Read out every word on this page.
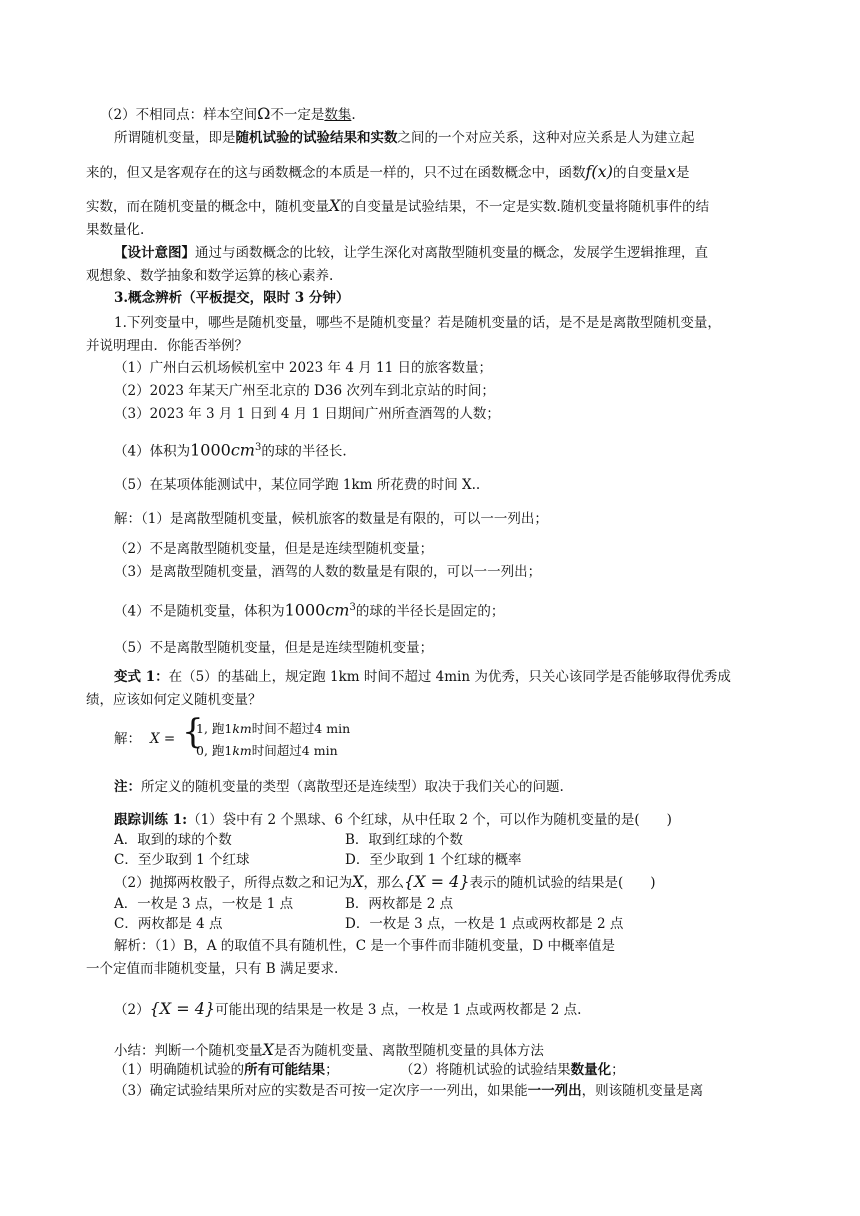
（2）不相同点：样本空间Ω不一定是数集.
所谓随机变量，即是随机试验的试验结果和实数之间的一个对应关系，这种对应关系是人为建立起
来的，但又是客观存在的这与函数概念的本质是一样的，只不过在函数概念中，函数f(x)的自变量x是
实数，而在随机变量的概念中，随机变量X的自变量是试验结果，不一定是实数.随机变量将随机事件的结
果数量化.
【设计意图】通过与函数概念的比较，让学生深化对离散型随机变量的概念，发展学生逻辑推理，直
观想象、数学抽象和数学运算的核心素养.
3.概念辨析（平板提交，限时 3 分钟）
1.下列变量中，哪些是随机变量，哪些不是随机变量？若是随机变量的话，是不是是离散型随机变量，
并说明理由．你能否举例？
（1）广州白云机场候机室中 2023 年 4 月 11 日的旅客数量；
（2）2023 年某天广州至北京的 D36 次列车到北京站的时间；
（3）2023 年 3 月 1 日到 4 月 1 日期间广州所查酒驾的人数；
（4）体积为$1000cm^3$的球的半径长.
（5）在某项体能测试中，某位同学跑 1km 所花费的时间 X..
解：（1）是离散型随机变量，候机旅客的数量是有限的，可以一一列出；
（2）不是离散型随机变量，但是是连续型随机变量；
（3）是离散型随机变量，酒驾的人数的数量是有限的，可以一一列出；
（4）不是随机变量，体积为$1000cm^3$的球的半径长是固定的；
（5）不是离散型随机变量，但是是连续型随机变量；
变式 1：在（5）的基础上，规定跑 1km 时间不超过 4min 为优秀，只关心该同学是否能够取得优秀成
绩，应该如何定义随机变量？
解： X = {
1, 跑1km时间不超过4 min
0, 跑1km时间超过4 min
注：所定义的随机变量的类型（离散型还是连续型）取决于我们关心的问题.
跟踪训练 1:（1）袋中有 2 个黑球、6 个红球，从中任取 2 个，可以作为随机变量的是(　　)
A．取到的球的个数	B．取到红球的个数
C．至少取到 1 个红球	D．至少取到 1 个红球的概率
（2）抛掷两枚骰子，所得点数之和记为X，那么{X = 4}表示的随机试验的结果是(　　)
A．一枚是 3 点，一枚是 1 点	B．两枚都是 2 点
C．两枚都是 4 点	D．一枚是 3 点，一枚是 1 点或两枚都是 2 点
解析：（1）B，A 的取值不具有随机性，C 是一个事件而非随机变量，D 中概率值是
一个定值而非随机变量，只有 B 满足要求.
（2）{X = 4}可能出现的结果是一枚是 3 点，一枚是 1 点或两枚都是 2 点.
小结：判断一个随机变量X是否为随机变量、离散型随机变量的具体方法
（1）明确随机试验的所有可能结果；	（2）将随机试验的试验结果数量化；
（3）确定试验结果所对应的实数是否可按一定次序一一列出，如果能一一列出，则该随机变量是离
